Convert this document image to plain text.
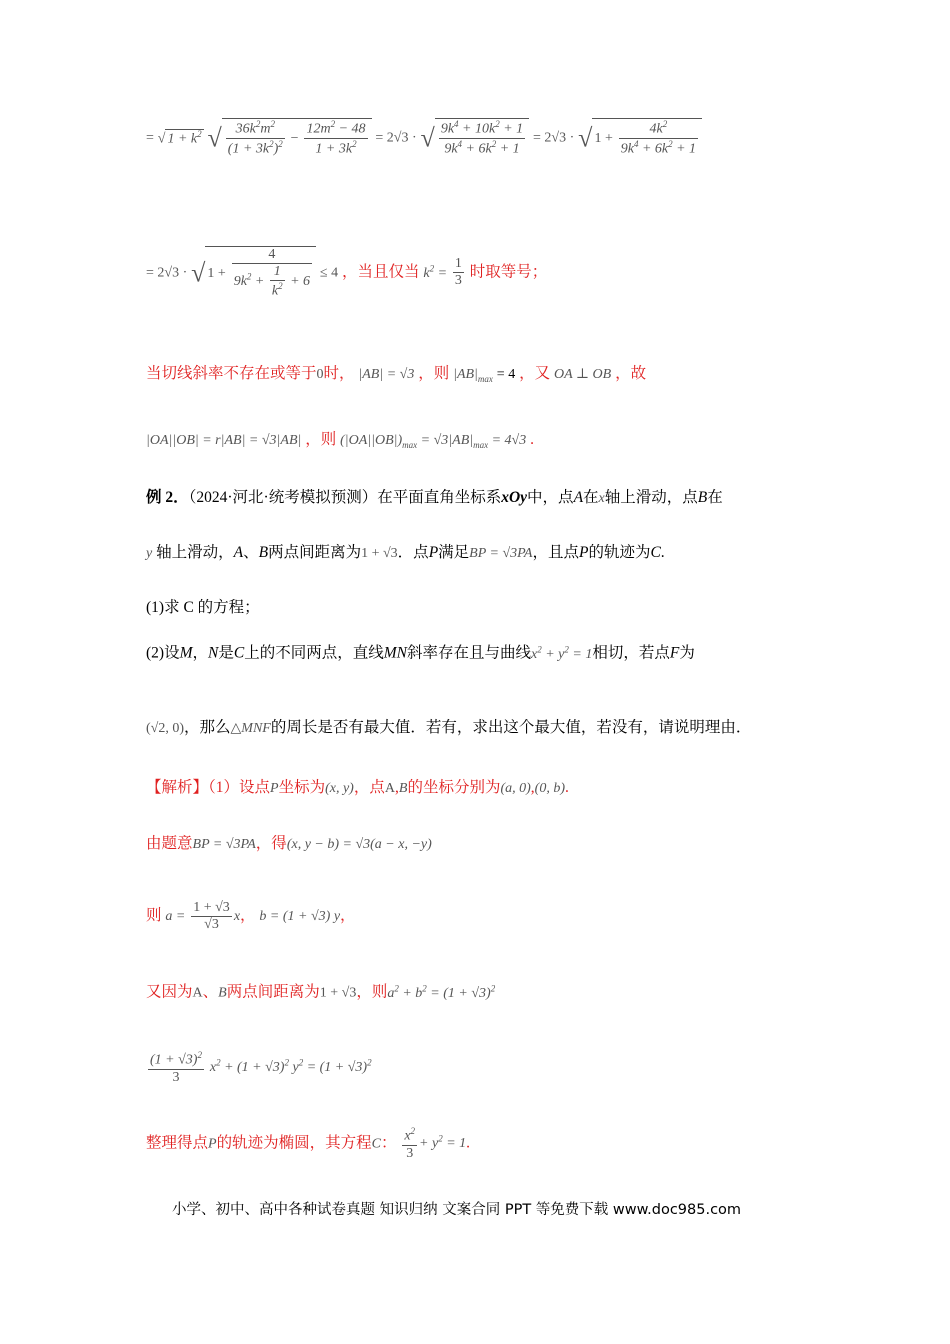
= √ $1 + k^2$ √ $\frac{36k^2m^2}{(1 + 3k^2)^2} - \frac{12m^2 - 48}{1 + 3k^2} = 2√3$ · √ $\frac{9k^4 + 10k^2 + 1}{9k^4 + 6k^2 + 1} = 2√3$ · √ $1 + \frac{4k^2}{9k^4 + 6k^2 + 1}$
= 2√3 · √ $1 + \frac{4}{9k^2 + \frac{1}{k^2} + 6} \le 4$ ，当且仅当 $k^2 = \frac{1}{3}$ 时取等号；
当切线斜率不存在或等于0时， |AB| = √3 ，则 $|AB|_{max} = 4$ ，又 OA ⊥ OB ，故
|OA||OB| = r|AB| = √3|AB| ，则 $(|OA||OB|)_{max} = √3|AB|_{max} = 4√3$ .
例 2．（2024·河北·统考模拟预测）在平面直角坐标系xOy中，点A在x轴上滑动，点B在
y 轴上滑动，A、B两点间距离为1 + √3．点P满足BP = √3PA，且点P的轨迹为C.
(1)求 C 的方程；
(2)设M，N是C上的不同两点，直线MN斜率存在且与曲线$x^2 + y^2 = 1$相切，若点F为
(√2, 0)，那么△MNF的周长是否有最大值．若有，求出这个最大值，若没有，请说明理由．
【解析】（1）设点P坐标为(x, y)，点A,B的坐标分别为(a, 0),(0, b).
由题意BP = √3PA，得(x, y − b) = √3(a − x, −y)
则 $a = \frac{1 + √3}{√3}$ x， b = (1 + √3) y，
又因为A、B两点间距离为1 + √3，则$a^2 + b^2 = (1 + √3)^2$
$\frac{(1 + √3)^2}{3} x^2 + (1 + √3)^2$ $y^2 = (1 + √3)^2$
整理得点P的轨迹为椭圆，其方程C： $\frac{x^2}{3} + y^2 = 1$.
小学、初中、高中各种试卷真题 知识归纳 文案合同 PPT 等免费下载 www.doc985.com
